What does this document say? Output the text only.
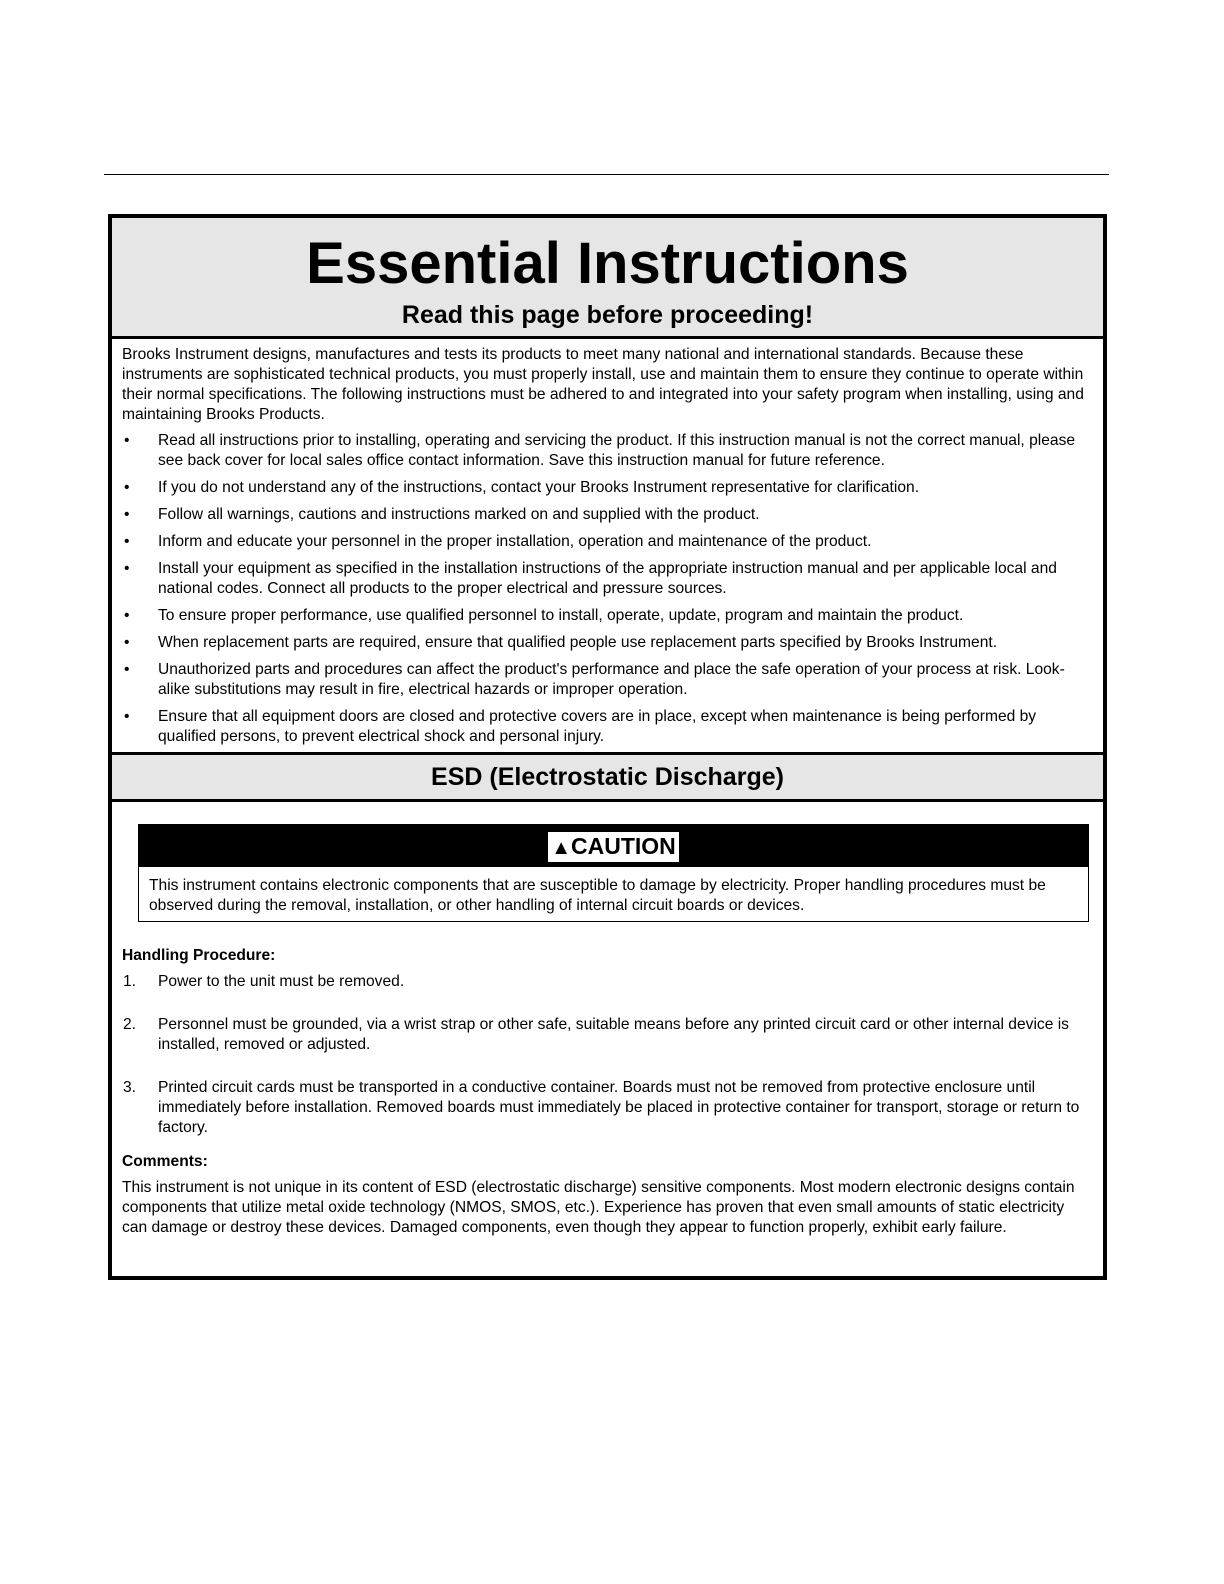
Essential Instructions
Read this page before proceeding!

Brooks Instrument designs, manufactures and tests its products to meet many national and international standards. Because these instruments are sophisticated technical products, you must properly install, use and maintain them to ensure they continue to operate within their normal specifications. The following instructions must be adhered to and integrated into your safety program when installing, using and maintaining Brooks Products.

• Read all instructions prior to installing, operating and servicing the product. If this instruction manual is not the correct manual, please see back cover for local sales office contact information. Save this instruction manual for future reference.
• If you do not understand any of the instructions, contact your Brooks Instrument representative for clarification.
• Follow all warnings, cautions and instructions marked on and supplied with the product.
• Inform and educate your personnel in the proper installation, operation and maintenance of the product.
• Install your equipment as specified in the installation instructions of the appropriate instruction manual and per applicable local and national codes. Connect all products to the proper electrical and pressure sources.
• To ensure proper performance, use qualified personnel to install, operate, update, program and maintain the product.
• When replacement parts are required, ensure that qualified people use replacement parts specified by Brooks Instrument.
• Unauthorized parts and procedures can affect the product's performance and place the safe operation of your process at risk. Look-alike substitutions may result in fire, electrical hazards or improper operation.
• Ensure that all equipment doors are closed and protective covers are in place, except when maintenance is being performed by qualified persons, to prevent electrical shock and personal injury.
ESD (Electrostatic Discharge)
▲CAUTION
This instrument contains electronic components that are susceptible to damage by electricity. Proper handling procedures must be observed during the removal, installation, or other handling of internal circuit boards or devices.
Handling Procedure:
1. Power to the unit must be removed.
2. Personnel must be grounded, via a wrist strap or other safe, suitable means before any printed circuit card or other internal device is installed, removed or adjusted.
3. Printed circuit cards must be transported in a conductive container. Boards must not be removed from protective enclosure until immediately before installation. Removed boards must immediately be placed in protective container for transport, storage or return to factory.
Comments:

This instrument is not unique in its content of ESD (electrostatic discharge) sensitive components. Most modern electronic designs contain components that utilize metal oxide technology (NMOS, SMOS, etc.). Experience has proven that even small amounts of static electricity can damage or destroy these devices. Damaged components, even though they appear to function properly, exhibit early failure.
